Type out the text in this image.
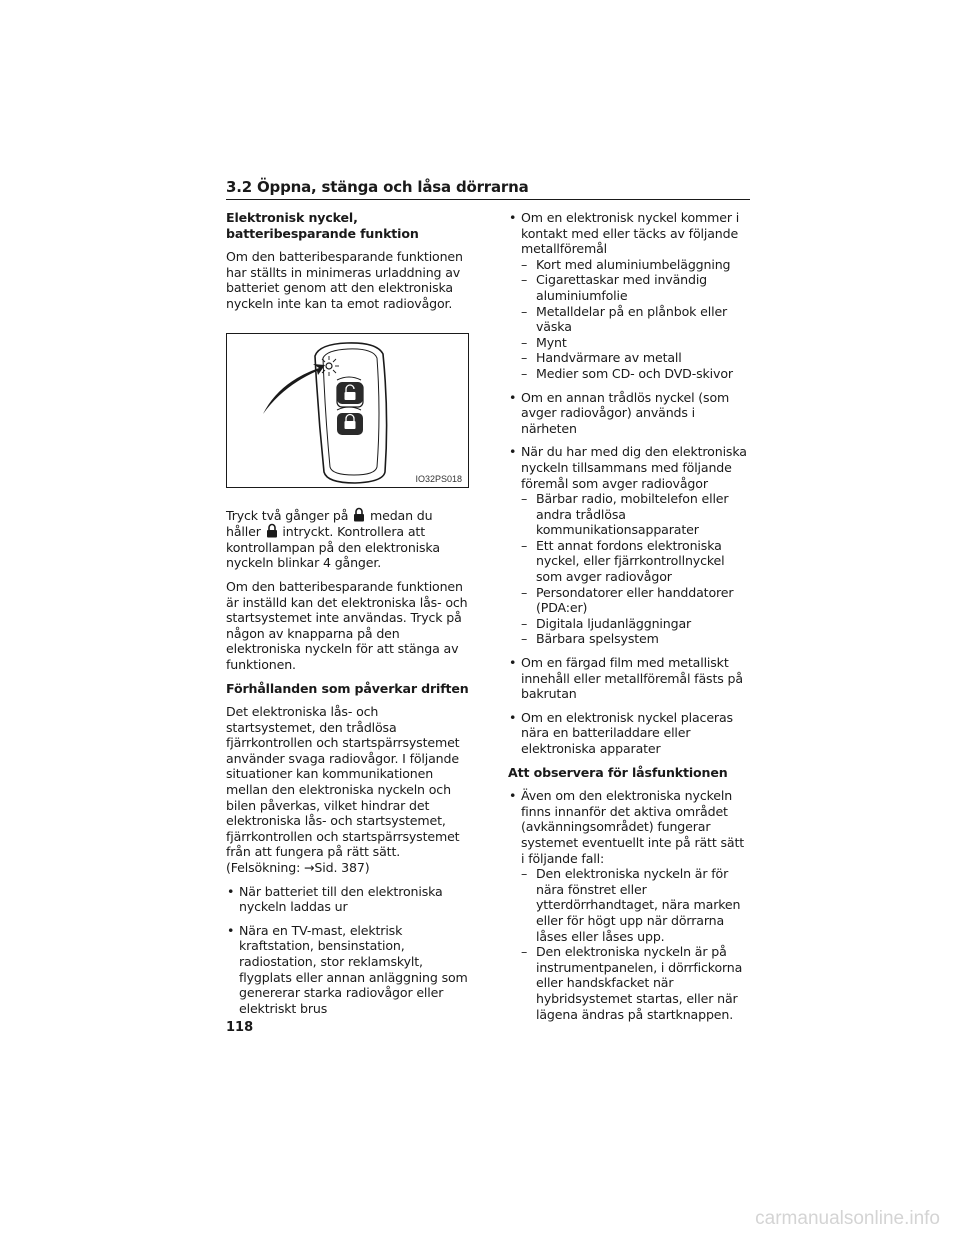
3.2 Öppna, stänga och låsa dörrarna
Elektronisk nyckel, batteribesparande funktion

Om den batteribesparande funktionen har ställts in minimeras urladdning av batteriet genom att den elektroniska nyckeln inte kan ta emot radiovågor.

Tryck två gånger på  medan du håller  intryckt. Kontrollera att kontrollampan på den elektroniska nyckeln blinkar 4 gånger.

Om den batteribesparande funktionen är inställd kan det elektroniska lås- och startsystemet inte användas. Tryck på någon av knapparna på den elektroniska nyckeln för att stänga av funktionen.

Förhållanden som påverkar driften

Det elektroniska lås- och startsystemet, den trådlösa fjärrkontrollen och startspärrsystemet använder svaga radiovågor. I följande situationer kan kommunikationen mellan den elektroniska nyckeln och bilen påverkas, vilket hindrar det elektroniska lås- och startsystemet, fjärrkontrollen och startspärrsystemet från att fungera på rätt sätt. (Felsökning: →Sid. 387)

• När batteriet till den elektroniska nyckeln laddas ur
• Nära en TV-mast, elektrisk kraftstation, bensinstation, radiostation, stor reklamskylt, flygplats eller annan anläggning som genererar starka radiovågor eller elektriskt brus
IO32PS018
• Om en elektronisk nyckel kommer i kontakt med eller täcks av följande metallföremål
– Kort med aluminiumbeläggning
– Cigarettaskar med invändig aluminiumfolie
– Metalldelar på en plånbok eller väska
– Mynt
– Handvärmare av metall
– Medier som CD- och DVD-skivor
• Om en annan trådlös nyckel (som avger radiovågor) används i närheten
• När du har med dig den elektroniska nyckeln tillsammans med följande föremål som avger radiovågor
– Bärbar radio, mobiltelefon eller andra trådlösa kommunikationsapparater
– Ett annat fordons elektroniska nyckel, eller fjärrkontrollnyckel som avger radiovågor
– Persondatorer eller handdatorer (PDA:er)
– Digitala ljudanläggningar
– Bärbara spelsystem
• Om en färgad film med metalliskt innehåll eller metallföremål fästs på bakrutan
• Om en elektronisk nyckel placeras nära en batteriladdare eller elektroniska apparater
Att observera för låsfunktionen
• Även om den elektroniska nyckeln finns innanför det aktiva området (avkänningsområdet) fungerar systemet eventuellt inte på rätt sätt i följande fall:
– Den elektroniska nyckeln är för nära fönstret eller ytterdörrhandtaget, nära marken eller för högt upp när dörrarna låses eller låses upp.
– Den elektroniska nyckeln är på instrumentpanelen, i dörrfickorna eller handskfacket när hybridsystemet startas, eller när lägena ändras på startknappen.
118
carmanualsonline.info
